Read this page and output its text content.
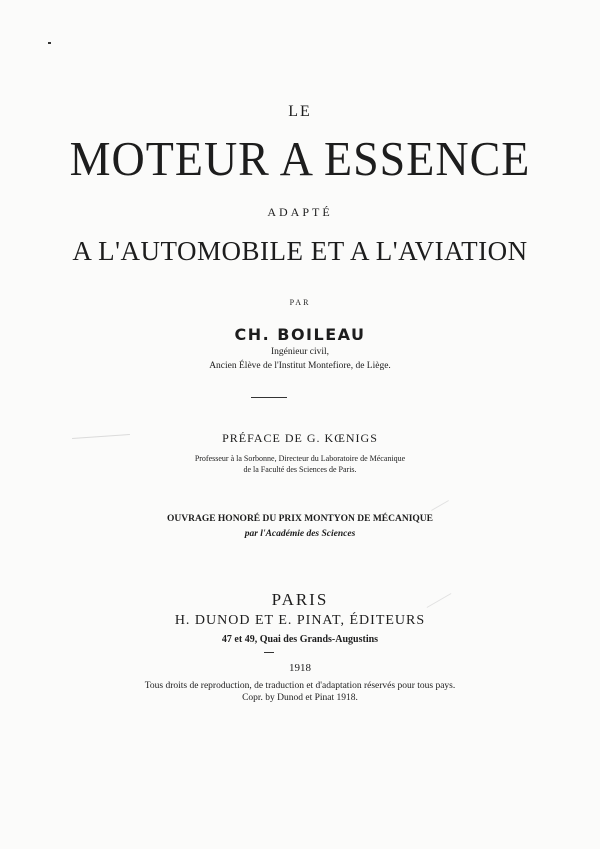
LE
MOTEUR A ESSENCE
ADAPTÉ
A L'AUTOMOBILE ET A L'AVIATION
PAR
CH. BOILEAU
Ingénieur civil,
Ancien Élève de l'Institut Montefiore, de Liège.
PRÉFACE DE G. KŒNIGS
Professeur à la Sorbonne, Directeur du Laboratoire de Mécanique
de la Faculté des Sciences de Paris.
OUVRAGE HONORÉ DU PRIX MONTYON DE MÉCANIQUE
par l'Académie des Sciences
PARIS
H. DUNOD ET E. PINAT, ÉDITEURS
47 et 49, Quai des Grands-Augustins
1918
Tous droits de reproduction, de traduction et d'adaptation réservés pour tous pays.
Copr. by Dunod et Pinat 1918.
